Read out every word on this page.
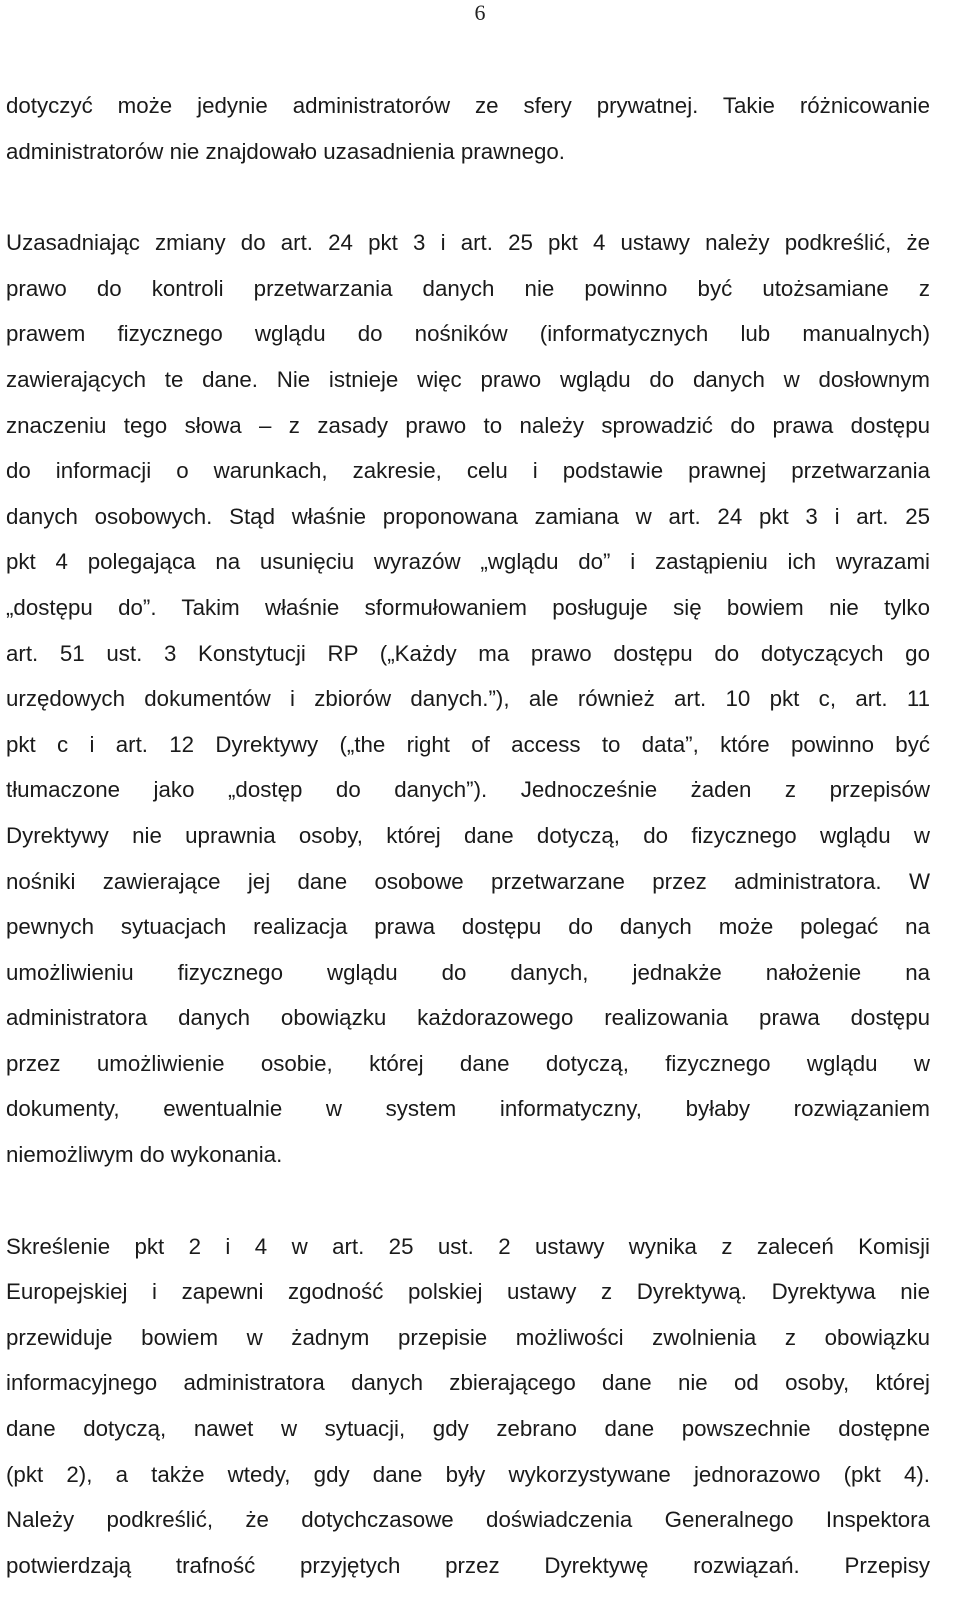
6
dotyczyć może jedynie administratorów ze sfery prywatnej. Takie różnicowanie
administratorów nie znajdowało uzasadnienia prawnego.
Uzasadniając zmiany do art. 24 pkt 3 i art. 25 pkt 4 ustawy należy podkreślić, że
prawo do kontroli przetwarzania danych nie powinno być utożsamiane z
prawem fizycznego wglądu do nośników (informatycznych lub manualnych)
zawierających te dane. Nie istnieje więc prawo wglądu do danych w dosłownym
znaczeniu tego słowa – z zasady prawo to należy sprowadzić do prawa dostępu
do informacji o warunkach, zakresie, celu i podstawie prawnej przetwarzania
danych osobowych. Stąd właśnie proponowana zamiana w art. 24 pkt 3 i art. 25
pkt 4 polegająca na usunięciu wyrazów „wglądu do” i zastąpieniu ich wyrazami
„dostępu do”. Takim właśnie sformułowaniem posługuje się bowiem nie tylko
art. 51 ust. 3 Konstytucji RP („Każdy ma prawo dostępu do dotyczących go
urzędowych dokumentów i zbiorów danych.”), ale również art. 10 pkt c, art. 11
pkt c i art. 12 Dyrektywy („the right of access to data”, które powinno być
tłumaczone jako „dostęp do danych”). Jednocześnie żaden z przepisów
Dyrektywy nie uprawnia osoby, której dane dotyczą, do fizycznego wglądu w
nośniki zawierające jej dane osobowe przetwarzane przez administratora. W
pewnych sytuacjach realizacja prawa dostępu do danych może polegać na
umożliwieniu fizycznego wglądu do danych, jednakże nałożenie na
administratora danych obowiązku każdorazowego realizowania prawa dostępu
przez umożliwienie osobie, której dane dotyczą, fizycznego wglądu w
dokumenty, ewentualnie w system informatyczny, byłaby rozwiązaniem
niemożliwym do wykonania.
Skreślenie pkt 2 i 4 w art. 25 ust. 2 ustawy wynika z zaleceń Komisji
Europejskiej i zapewni zgodność polskiej ustawy z Dyrektywą. Dyrektywa nie
przewiduje bowiem w żadnym przepisie możliwości zwolnienia z obowiązku
informacyjnego administratora danych zbierającego dane nie od osoby, której
dane dotyczą, nawet w sytuacji, gdy zebrano dane powszechnie dostępne
(pkt 2), a także wtedy, gdy dane były wykorzystywane jednorazowo (pkt 4).
Należy podkreślić, że dotychczasowe doświadczenia Generalnego Inspektora
potwierdzają trafność przyjętych przez Dyrektywę rozwiązań. Przepisy
